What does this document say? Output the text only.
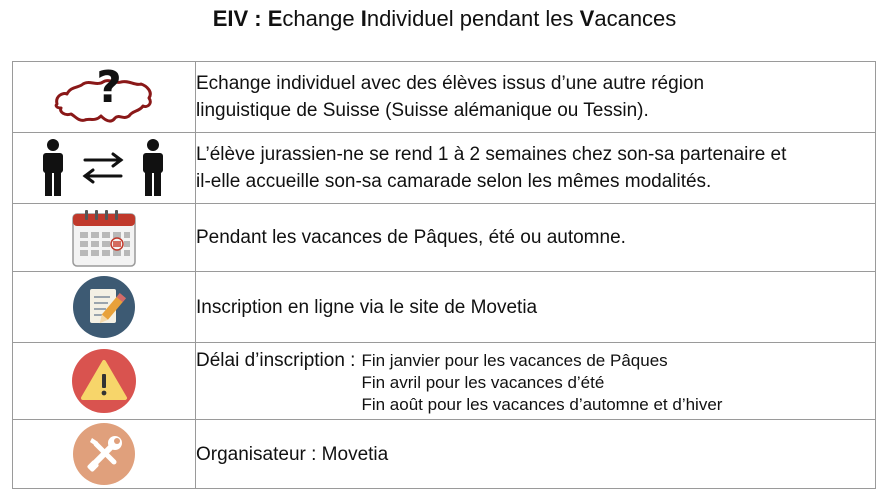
EIV : Echange Individuel pendant les Vacances
?	Echange individuel avec des élèves issus d’une autre région
linguistique de Suisse (Suisse alémanique ou Tessin).

L’élève jurassien-ne se rend 1 à 2 semaines chez son-sa partenaire et
il-elle accueille son-sa camarade selon les mêmes modalités.

Pendant les vacances de Pâques, été ou automne.

Inscription en ligne via le site de Movetia

Délai d’inscription : Fin janvier pour les vacances de Pâques
Fin avril pour les vacances d’été
Fin août pour les vacances d’automne et d’hiver

Organisateur : Movetia
